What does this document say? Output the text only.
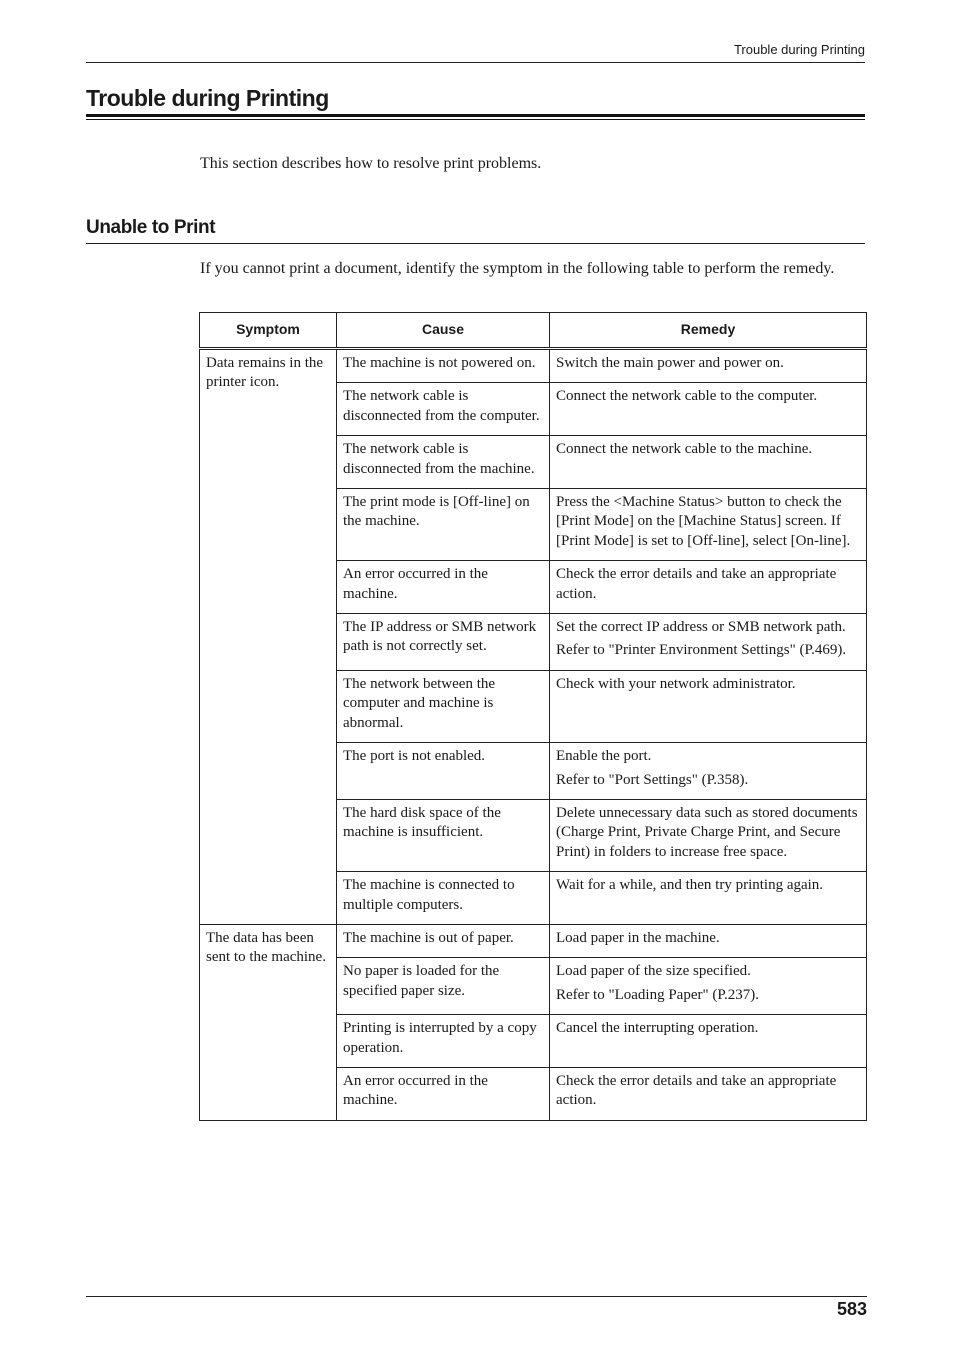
Trouble during Printing
Trouble during Printing
This section describes how to resolve print problems.
Unable to Print
If you cannot print a document, identify the symptom in the following table to perform the remedy.
Symptom	Cause	Remedy
Data remains in the printer icon.	The machine is not powered on.	Switch the main power and power on.

	The network cable is disconnected from the computer.	Connect the network cable to the computer.

	The network cable is disconnected from the machine.	Connect the network cable to the machine.

	The print mode is [Off-line] on the machine.	Press the <Machine Status> button to check the [Print Mode] on the [Machine Status] screen. If [Print Mode] is set to [Off-line], select [On-line].

	An error occurred in the machine.	Check the error details and take an appropriate action.

	The IP address or SMB network path is not correctly set.	Set the correct IP address or SMB network path.
Refer to "Printer Environment Settings" (P.469).

	The network between the computer and machine is abnormal.	Check with your network administrator.

	The port is not enabled.	Enable the port.
Refer to "Port Settings" (P.358).

	The hard disk space of the machine is insufficient.	Delete unnecessary data such as stored documents (Charge Print, Private Charge Print, and Secure Print) in folders to increase free space.

	The machine is connected to multiple computers.	Wait for a while, and then try printing again.

The data has been sent to the machine.	The machine is out of paper.	Load paper in the machine.

	No paper is loaded for the specified paper size.	Load paper of the size specified.
Refer to "Loading Paper" (P.237).

	Printing is interrupted by a copy operation.	Cancel the interrupting operation.

	An error occurred in the machine.	Check the error details and take an appropriate action.
583
